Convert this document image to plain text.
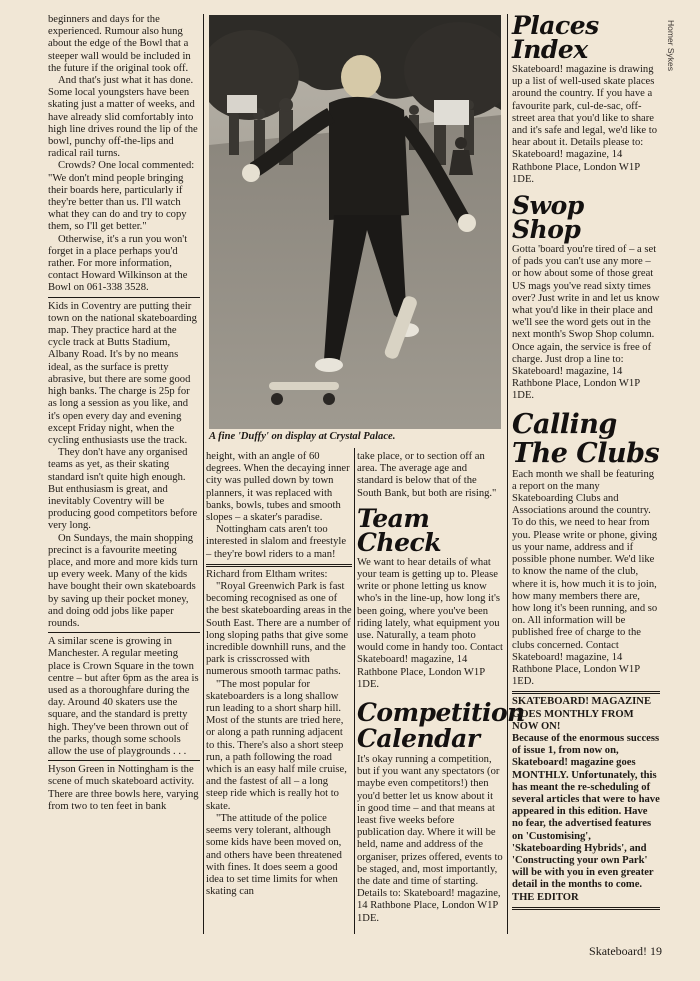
beginners and days for the experienced. Rumour also hung about the edge of the Bowl that a steeper wall would be included in the future if the original took off.

And that's just what it has done. Some local youngsters have been skating just a matter of weeks, and have already slid comfortably into high line drives round the lip of the bowl, punchy off-the-lips and radical rail turns.

Crowds? One local commented: "We don't mind people bringing their boards here, particularly if they're better than us. I'll watch what they can do and try to copy them, so I'll get better."

Otherwise, it's a run you won't forget in a place perhaps you'd rather. For more information, contact Howard Wilkinson at the Bowl on 061-338 3528.

Kids in Coventry are putting their town on the national skateboarding map. They practice hard at the cycle track at Butts Stadium, Albany Road. It's by no means ideal, as the surface is pretty abrasive, but there are some good high banks. The charge is 25p for as long a session as you like, and it's open every day and evening except Friday night, when the cycling enthusiasts use the track.

They don't have any organised teams as yet, as their skating standard isn't quite high enough. But enthusiasm is great, and inevitably Coventry will be producing good competitors before very long.

On Sundays, the main shopping precinct is a favourite meeting place, and more and more kids turn up every week. Many of the kids have bought their own skateboards by saving up their pocket money, and doing odd jobs like paper rounds.

A similar scene is growing in Manchester. A regular meeting place is Crown Square in the town centre – but after 6pm as the area is used as a thoroughfare during the day. Around 40 skaters use the square, and the standard is pretty high. They've been thrown out of the parks, though some schools allow the use of playgrounds . . .

Hyson Green in Nottingham is the scene of much skateboard activity. There are three bowls here, varying from two to ten feet in bank

A fine 'Duffy' on display at Crystal Palace.

height, with an angle of 60 degrees. When the decaying inner city was pulled down by town planners, it was replaced with banks, bowls, tubes and smooth slopes – a skater's paradise.

Nottingham cats aren't too interested in slalom and freestyle – they're bowl riders to a man!

Richard from Eltham writes:

"Royal Greenwich Park is fast becoming recognised as one of the best skateboarding areas in the South East. There are a number of long sloping paths that give some incredible downhill runs, and the park is crisscrossed with numerous smooth tarmac paths.

"The most popular for skateboarders is a long shallow run leading to a short sharp hill. Most of the stunts are tried here, or along a path running adjacent to this. There's also a short steep run, a path following the road which is an easy half mile cruise, and the fastest of all – a long steep ride which is really hot to skate.

"The attitude of the police seems very tolerant, although some kids have been moved on, and others have been threatened with fines. It does seem a good idea to set time limits for when skating can

take place, or to section off an area. The average age and standard is below that of the South Bank, but both are rising."

Team Check

We want to hear details of what your team is getting up to. Please write or phone letting us know who's in the line-up, how long it's been going, where you've been riding lately, what equipment you use. Naturally, a team photo would come in handy too. Contact Skateboard! magazine, 14 Rathbone Place, London W1P 1DE.

Competition Calendar

It's okay running a competition, but if you want any spectators (or maybe even competitors!) then you'd better let us know about it in good time – and that means at least five weeks before publication day. Where it will be held, name and address of the organiser, prizes offered, events to be staged, and, most importantly, the date and time of starting. Details to: Skateboard! magazine, 14 Rathbone Place, London W1P 1DE.

Places Index

Skateboard! magazine is drawing up a list of well-used skate places around the country. If you have a favourite park, cul-de-sac, off-street area that you'd like to share and it's safe and legal, we'd like to hear about it. Details please to: Skateboard! magazine, 14 Rathbone Place, London W1P 1DE.

Swop Shop

Gotta 'board you're tired of – a set of pads you can't use any more – or how about some of those great US mags you've read sixty times over? Just write in and let us know what you'd like in their place and we'll see the word gets out in the next month's Swop Shop column. Once again, the service is free of charge. Just drop a line to: Skateboard! magazine, 14 Rathbone Place, London W1P 1DE.

Calling
The Clubs

Each month we shall be featuring a report on the many Skateboarding Clubs and Associations around the country. To do this, we need to hear from you. Please write or phone, giving us your name, address and if possible phone number. We'd like to know the name of the club, where it is, how much it is to join, how many members there are, how long it's been running, and so on. All information will be published free of charge to the clubs concerned. Contact Skateboard! magazine, 14 Rathbone Place, London W1P 1ED.

SKATEBOARD! MAGAZINE GOES MONTHLY FROM NOW ON!

Because of the enormous success of issue 1, from now on, Skateboard! magazine goes MONTHLY. Unfortunately, this has meant the re-scheduling of several articles that were to have appeared in this edition. Have no fear, the advertised features on 'Customising', 'Skateboarding Hybrids', and 'Constructing your own Park' will be with you in even greater detail in the months to come.

THE EDITOR

Homer Sykes
Skateboard! 19
